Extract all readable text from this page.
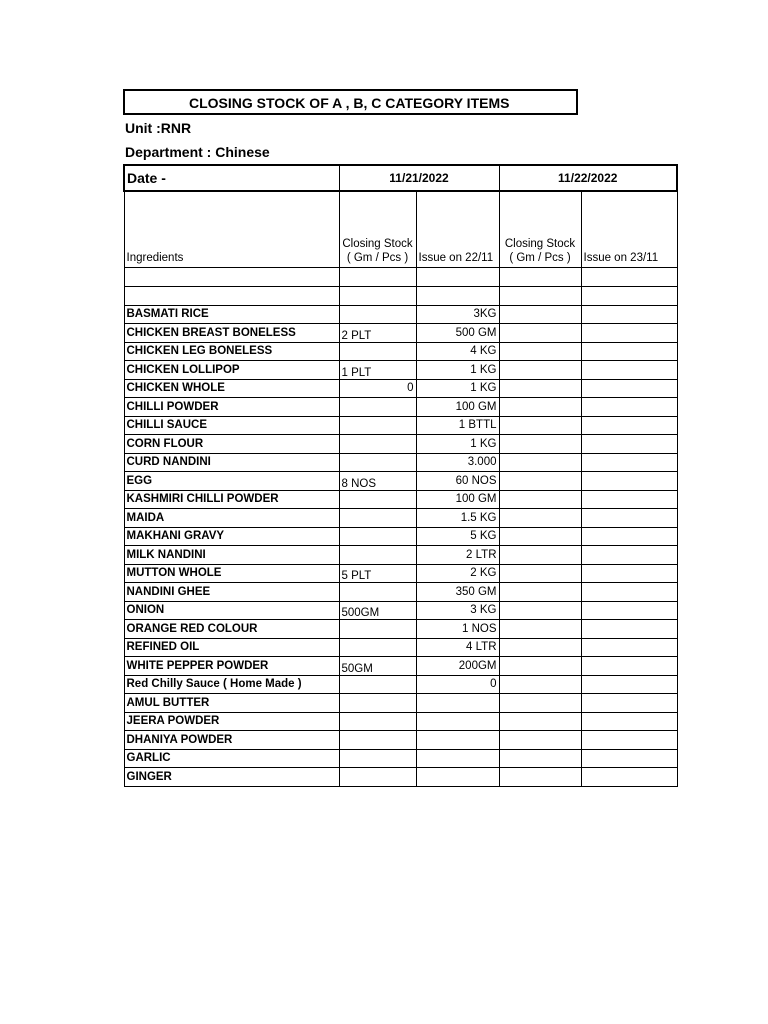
CLOSING STOCK OF A , B, C CATEGORY ITEMS
Unit :RNR
Department : Chinese
Date -	11/21/2022		11/22/2022	
Ingredients	Closing Stock ( Gm / Pcs )	Issue on 22/11	Closing Stock ( Gm / Pcs )	Issue on 23/11

BASMATI RICE		3KG		
CHICKEN BREAST BONELESS	2 PLT	500 GM		
CHICKEN LEG BONELESS		4 KG		
CHICKEN LOLLIPOP	1 PLT	1 KG		
CHICKEN WHOLE	0	1 KG		
CHILLI POWDER		100 GM		
CHILLI SAUCE		1 BTTL		
CORN FLOUR		1 KG		
CURD NANDINI		3.000		
EGG	8 NOS	60 NOS		
KASHMIRI CHILLI POWDER		100 GM		
MAIDA		1.5 KG		
MAKHANI GRAVY		5 KG		
MILK NANDINI		2 LTR		
MUTTON WHOLE	5 PLT	2 KG		
NANDINI GHEE		350 GM		
ONION	500GM	3 KG		
ORANGE RED COLOUR		1 NOS		
REFINED OIL		4 LTR		
WHITE PEPPER POWDER	50GM	200GM		
Red Chilly Sauce ( Home Made )		0		
AMUL BUTTER				
JEERA POWDER				
DHANIYA POWDER				
GARLIC				
GINGER				
